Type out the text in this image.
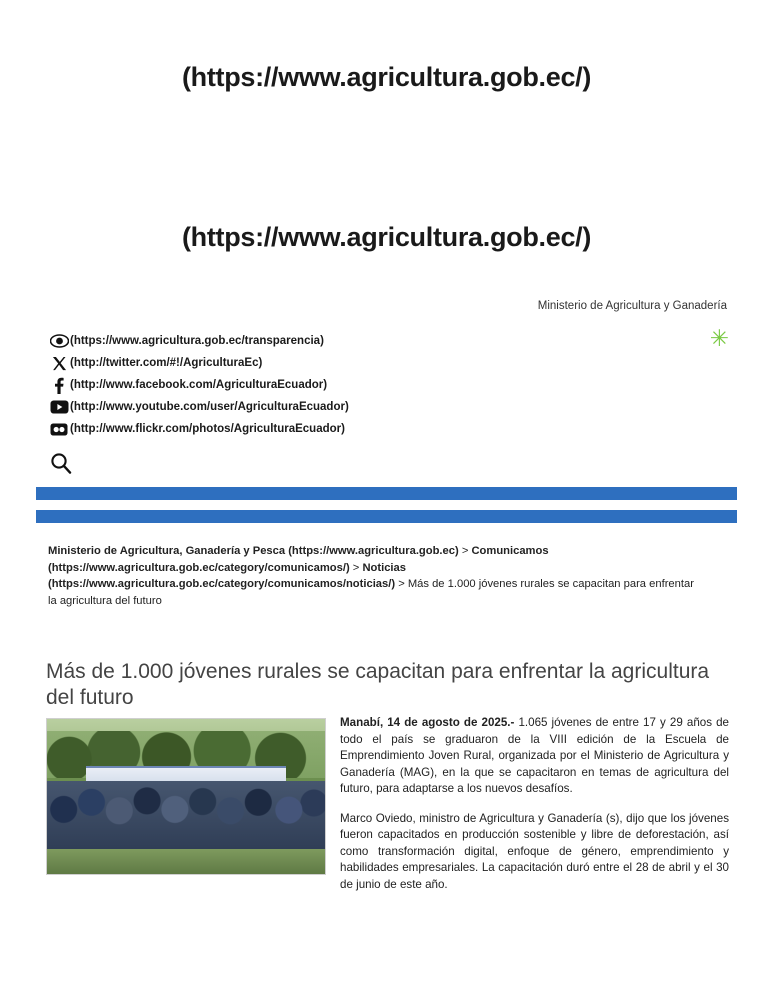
(https://www.agricultura.gob.ec/)
(https://www.agricultura.gob.ec/)
Ministerio de Agricultura y Ganadería
✳
(https://www.agricultura.gob.ec/transparencia)
(http://twitter.com/#!/AgriculturaEc)
(http://www.facebook.com/AgriculturaEcuador)
(http://www.youtube.com/user/AgriculturaEcuador)
(http://www.flickr.com/photos/AgriculturaEcuador)
Ministerio de Agricultura, Ganadería y Pesca (https://www.agricultura.gob.ec) > Comunicamos (https://www.agricultura.gob.ec/category/comunicamos/) > Noticias (https://www.agricultura.gob.ec/category/comunicamos/noticias/) > Más de 1.000 jóvenes rurales se capacitan para enfrentar la agricultura del futuro
Más de 1.000 jóvenes rurales se capacitan para enfrentar la agricultura del futuro

Manabí, 14 de agosto de 2025.- 1.065 jóvenes de entre 17 y 29 años de todo el país se graduaron de la VIII edición de la Escuela de Emprendimiento Joven Rural, organizada por el Ministerio de Agricultura y Ganadería (MAG), en la que se capacitaron en temas de agricultura del futuro, para adaptarse a los nuevos desafíos.

Marco Oviedo, ministro de Agricultura y Ganadería (s), dijo que los jóvenes fueron capacitados en producción sostenible y libre de deforestación, así como transformación digital, enfoque de género, emprendimiento y habilidades empresariales. La capacitación duró entre el 28 de abril y el 30 de junio de este año.
